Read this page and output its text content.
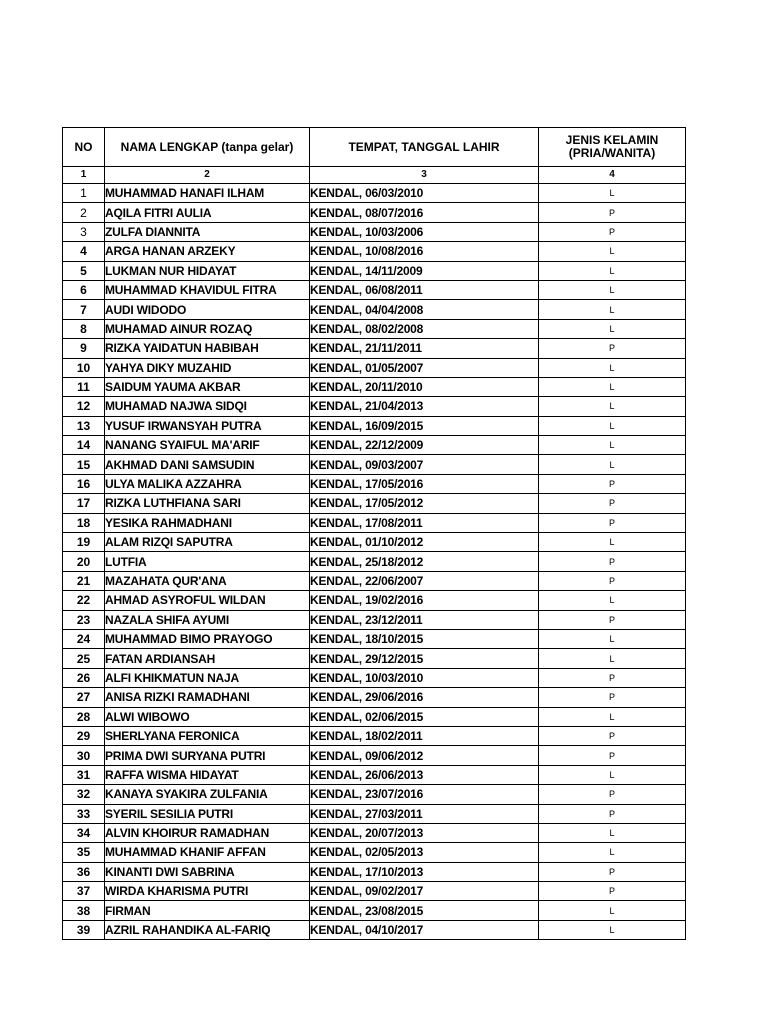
NO	NAMA LENGKAP (tanpa gelar)	TEMPAT, TANGGAL LAHIR	JENIS KELAMIN
(PRIA/WANITA)

1	2	3	4
1	MUHAMMAD HANAFI ILHAM	KENDAL, 06/03/2010	L
2	AQILA FITRI AULIA	KENDAL, 08/07/2016	P
3	ZULFA DIANNITA	KENDAL, 10/03/2006	P
4	ARGA HANAN ARZEKY	KENDAL, 10/08/2016	L
5	LUKMAN NUR HIDAYAT	KENDAL, 14/11/2009	L
6	MUHAMMAD KHAVIDUL FITRA	KENDAL, 06/08/2011	L
7	AUDI WIDODO	KENDAL, 04/04/2008	L
8	MUHAMAD AINUR ROZAQ	KENDAL, 08/02/2008	L
9	RIZKA YAIDATUN HABIBAH	KENDAL, 21/11/2011	P
10	YAHYA DIKY MUZAHID	KENDAL, 01/05/2007	L
11	SAIDUM YAUMA AKBAR	KENDAL, 20/11/2010	L
12	MUHAMAD NAJWA SIDQI	KENDAL, 21/04/2013	L
13	YUSUF IRWANSYAH PUTRA	KENDAL, 16/09/2015	L
14	NANANG SYAIFUL MA'ARIF	KENDAL, 22/12/2009	L
15	AKHMAD DANI SAMSUDIN	KENDAL, 09/03/2007	L
16	ULYA MALIKA AZZAHRA	KENDAL, 17/05/2016	P
17	RIZKA LUTHFIANA SARI	KENDAL, 17/05/2012	P
18	YESIKA RAHMADHANI	KENDAL, 17/08/2011	P
19	ALAM RIZQI SAPUTRA	KENDAL, 01/10/2012	L
20	LUTFIA	KENDAL, 25/18/2012	P
21	MAZAHATA QUR'ANA	KENDAL, 22/06/2007	P
22	AHMAD ASYROFUL WILDAN	KENDAL, 19/02/2016	L
23	NAZALA SHIFA AYUMI	KENDAL, 23/12/2011	P
24	MUHAMMAD BIMO PRAYOGO	KENDAL, 18/10/2015	L
25	FATAN ARDIANSAH	KENDAL, 29/12/2015	L
26	ALFI KHIKMATUN NAJA	KENDAL, 10/03/2010	P
27	ANISA RIZKI RAMADHANI	KENDAL, 29/06/2016	P
28	ALWI WIBOWO	KENDAL, 02/06/2015	L
29	SHERLYANA FERONICA	KENDAL, 18/02/2011	P
30	PRIMA DWI SURYANA PUTRI	KENDAL, 09/06/2012	P
31	RAFFA WISMA HIDAYAT	KENDAL, 26/06/2013	L
32	KANAYA SYAKIRA ZULFANIA	KENDAL, 23/07/2016	P
33	SYERIL SESILIA PUTRI	KENDAL, 27/03/2011	P
34	ALVIN KHOIRUR RAMADHAN	KENDAL, 20/07/2013	L
35	MUHAMMAD KHANIF AFFAN	KENDAL, 02/05/2013	L
36	KINANTI DWI SABRINA	KENDAL, 17/10/2013	P
37	WIRDA KHARISMA PUTRI	KENDAL, 09/02/2017	P
38	FIRMAN	KENDAL, 23/08/2015	L
39	AZRIL RAHANDIKA AL-FARIQ	KENDAL, 04/10/2017	L
